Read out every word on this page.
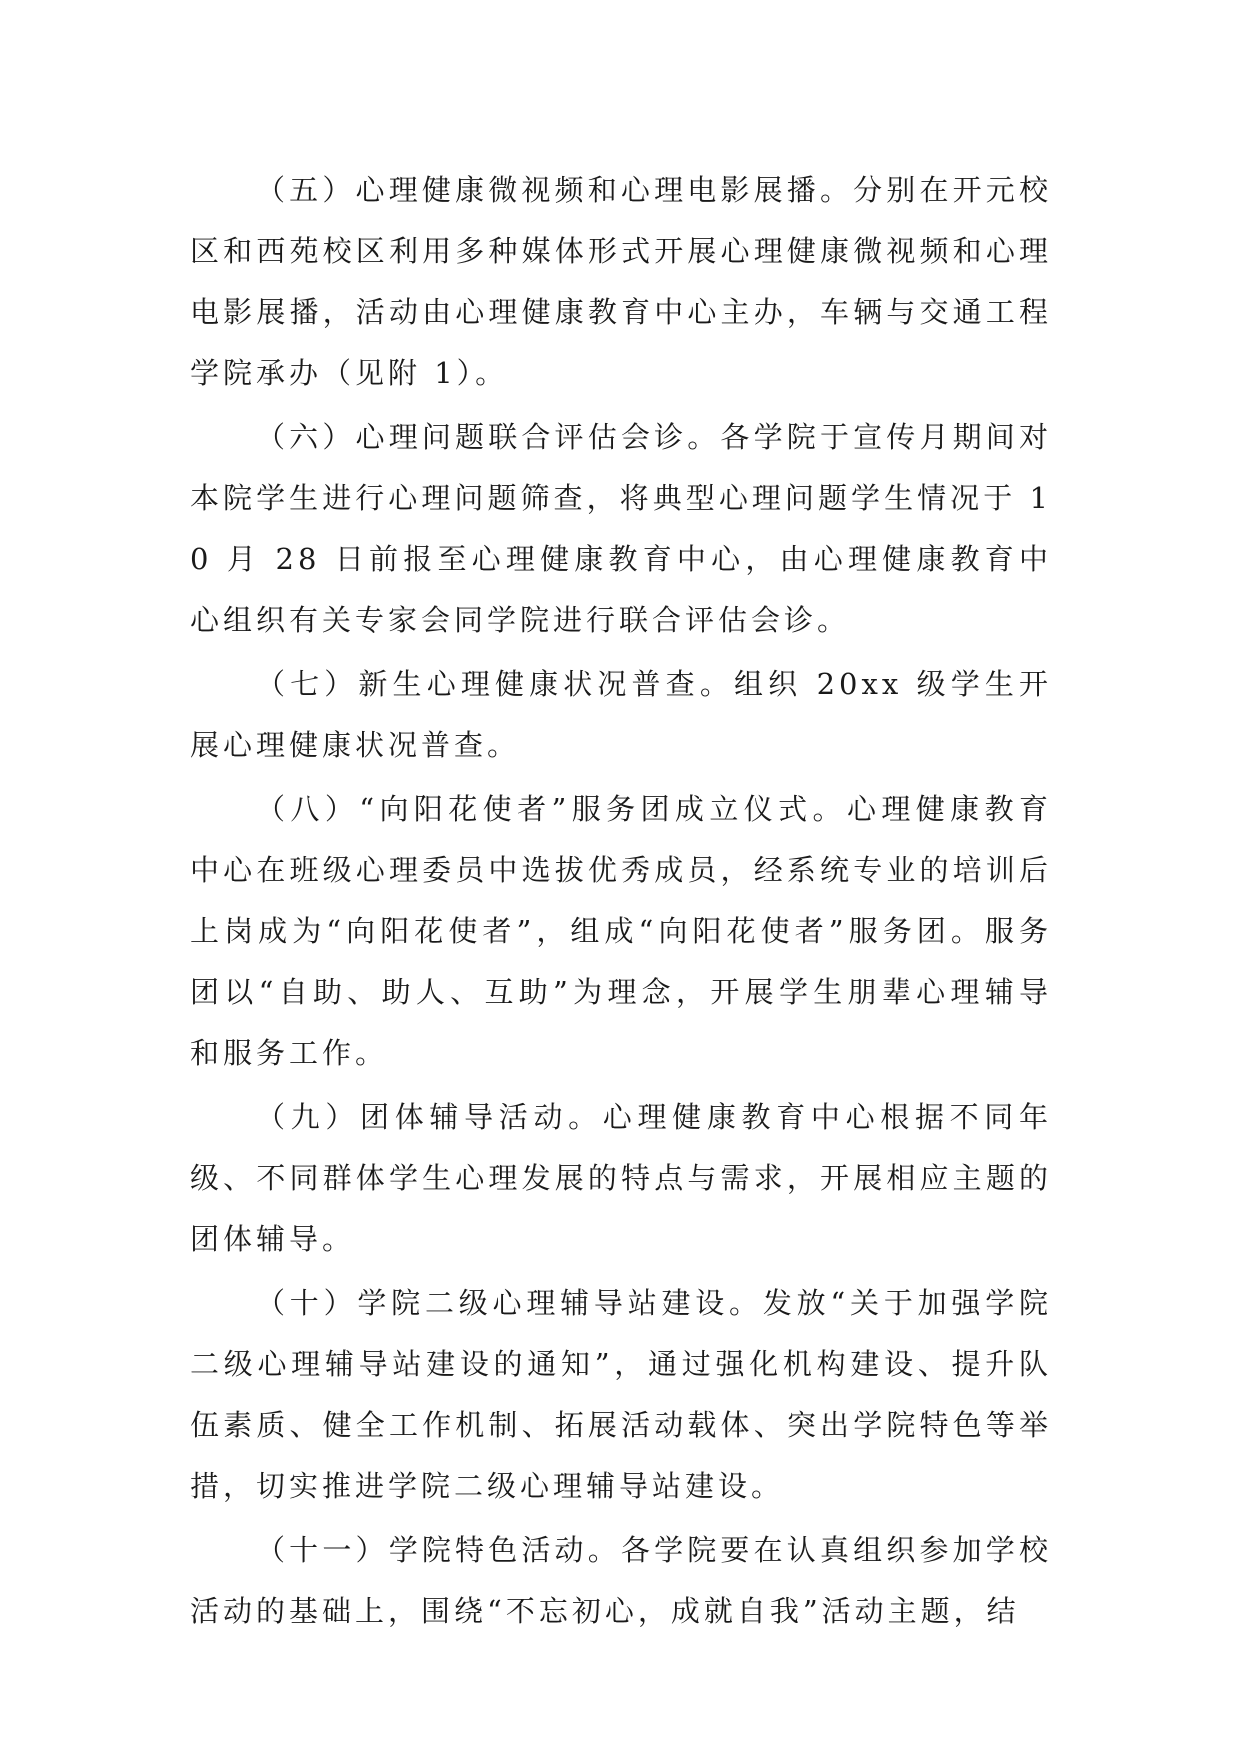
（五）心理健康微视频和心理电影展播。分别在开元校区和西苑校区利用多种媒体形式开展心理健康微视频和心理电影展播，活动由心理健康教育中心主办，车辆与交通工程学院承办（见附 1）。

（六）心理问题联合评估会诊。各学院于宣传月期间对本院学生进行心理问题筛查，将典型心理问题学生情况于 10 月 28 日前报至心理健康教育中心，由心理健康教育中心组织有关专家会同学院进行联合评估会诊。

（七）新生心理健康状况普查。组织 20xx 级学生开展心理健康状况普查。

（八）“向阳花使者”服务团成立仪式。心理健康教育中心在班级心理委员中选拔优秀成员，经系统专业的培训后上岗成为“向阳花使者”，组成“向阳花使者”服务团。服务团以“自助、助人、互助”为理念，开展学生朋辈心理辅导和服务工作。

（九）团体辅导活动。心理健康教育中心根据不同年级、不同群体学生心理发展的特点与需求，开展相应主题的团体辅导。

（十）学院二级心理辅导站建设。发放“关于加强学院二级心理辅导站建设的通知”，通过强化机构建设、提升队伍素质、健全工作机制、拓展活动载体、突出学院特色等举措，切实推进学院二级心理辅导站建设。

（十一）学院特色活动。各学院要在认真组织参加学校活动的基础上，围绕“不忘初心，成就自我”活动主题，结
